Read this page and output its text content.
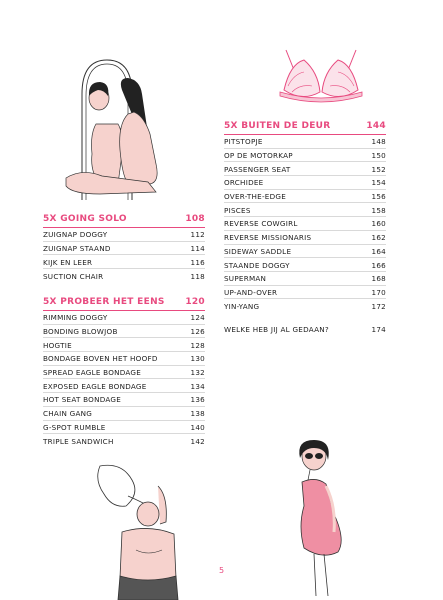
5X GOING SOLO	108
ZUIGNAP DOGGY	112
ZUIGNAP STAAND	114
KIJK EN LEER	116
SUCTION CHAIR	118
5X PROBEER HET EENS 120
RIMMING DOGGY	124
BONDING BLOWJOB	126
HOGTIE	128
BONDAGE BOVEN HET HOOFD	130
SPREAD EAGLE BONDAGE	132
EXPOSED EAGLE BONDAGE	134
HOT SEAT BONDAGE	136
CHAIN GANG	138
G-SPOT RUMBLE	140
TRIPLE SANDWICH	142
5X BUITEN DE DEUR	144
PITSTOPJE	148
OP DE MOTORKAP	150
PASSENGER SEAT	152
ORCHIDEE	154
OVER-THE-EDGE	156
PISCES	158
REVERSE COWGIRL	160
REVERSE MISSIONARIS	162
SIDEWAY SADDLE	164
STAANDE DOGGY	166
SUPERMAN	168
UP-AND-OVER	170
YIN-YANG	172
WELKE HEB JIJ AL GEDAAN?	174
5
